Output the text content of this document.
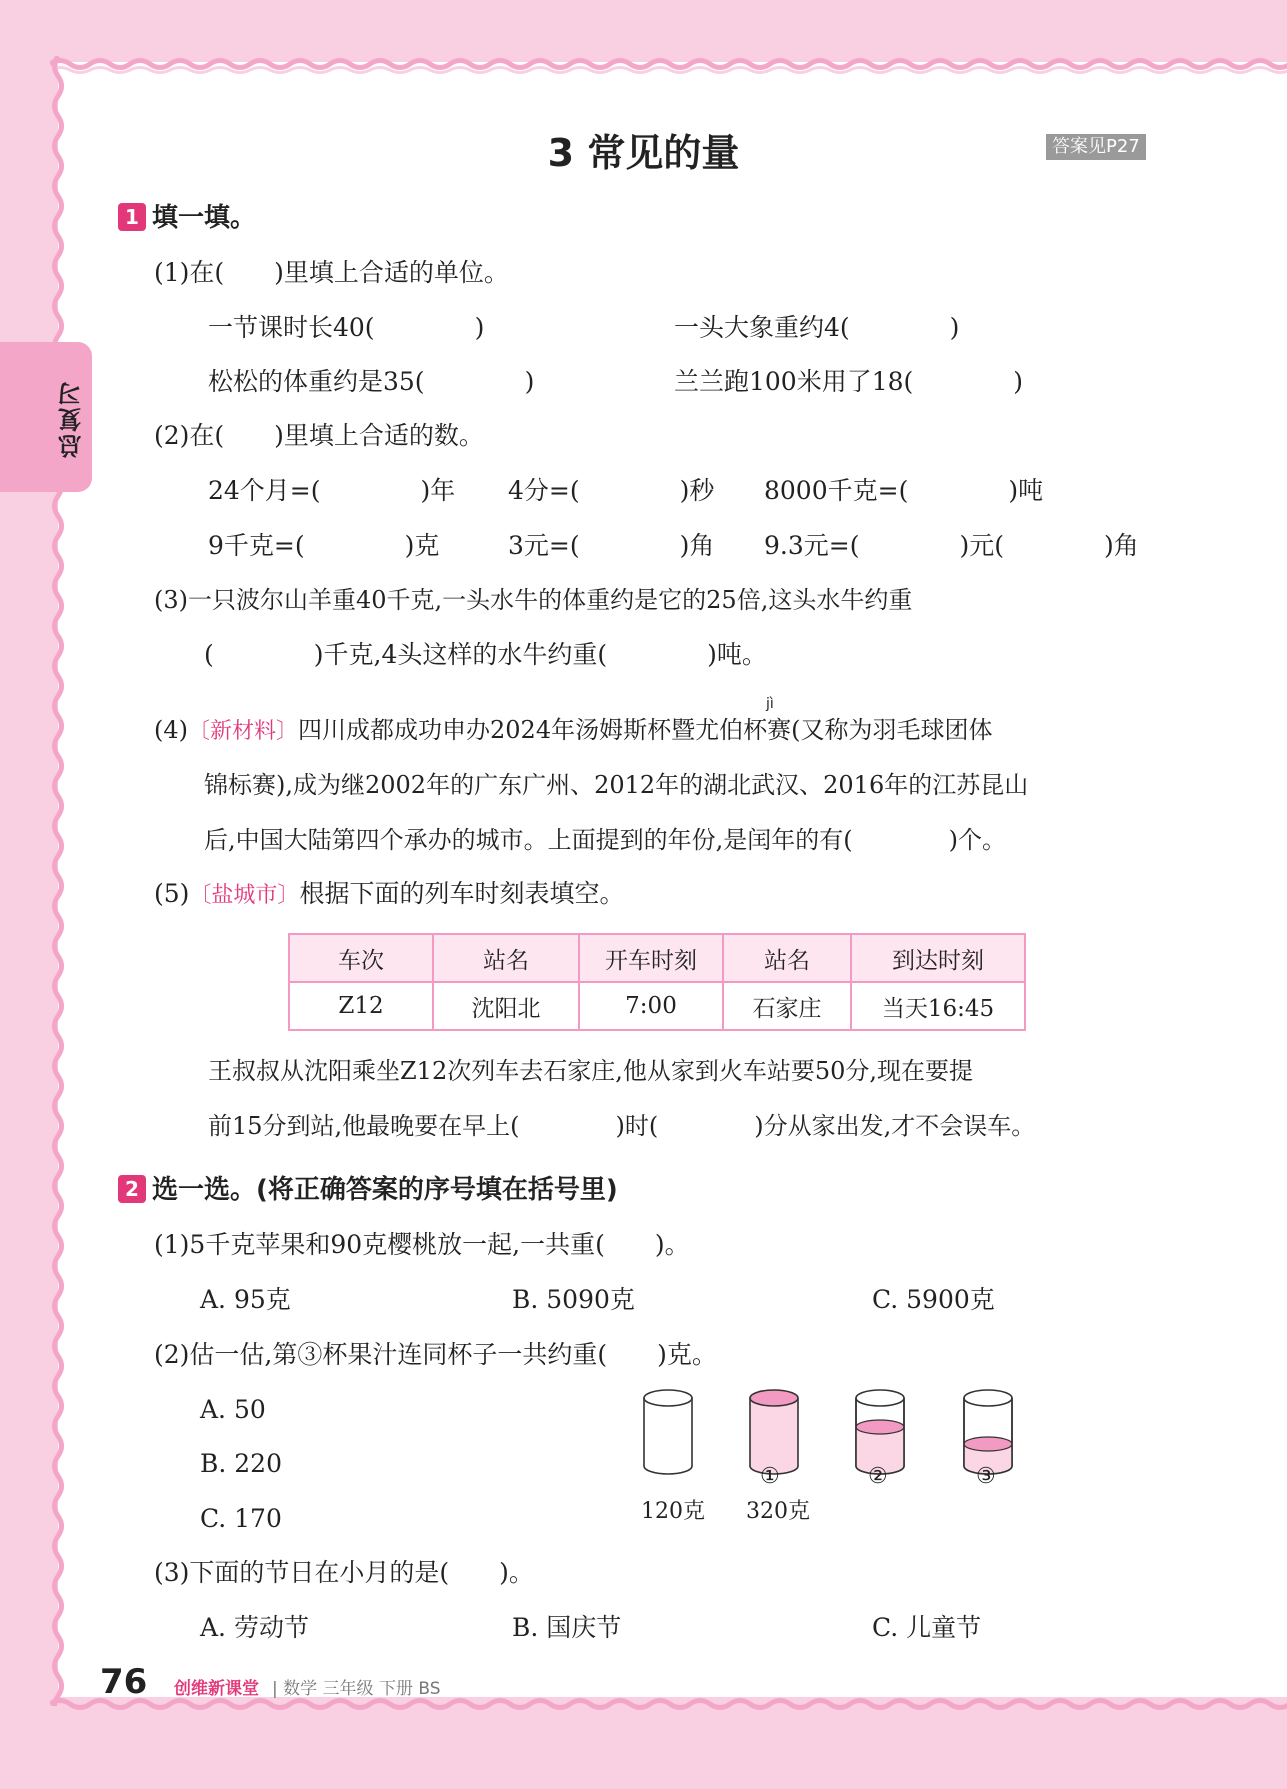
总复习
3 常见的量	答案见P27
1 填一填。
(1)在(　　)里填上合适的单位。
一节课时长40(　　　　)	一头大象重约4(　　　　)
松松的体重约是35(　　　　)	兰兰跑100米用了18(　　　　)
(2)在(　　)里填上合适的数。
24个月=(　　　　)年 4分=(　　　　)秒 8000千克=(　　　　)吨
9千克=(　　　　)克	3元=(　　　　)角 9.3元=(　　　　)元(　　　　)角
(3)一只波尔山羊重40千克,一头水牛的体重约是它的25倍,这头水牛约重
(　　　　)千克,4头这样的水牛约重(　　　　)吨。
jì
(4)〔新材料〕四川成都成功申办2024年汤姆斯杯暨尤伯杯赛(又称为羽毛球团体
锦标赛),成为继2002年的广东广州、2012年的湖北武汉、2016年的江苏昆山
后,中国大陆第四个承办的城市。上面提到的年份,是闰年的有(　　　　)个。
(5)〔盐城市〕根据下面的列车时刻表填空。
车次	站名	开车时刻	站名	到达时刻
Z12	沈阳北	7:00	石家庄	当天16:45
王叔叔从沈阳乘坐Z12次列车去石家庄,他从家到火车站要50分,现在要提
前15分到站,他最晚要在早上(　　　　)时(　　　　)分从家出发,才不会误车。
2 选一选。(将正确答案的序号填在括号里)
(1)5千克苹果和90克樱桃放一起,一共重(　　)。
A. 95克	B. 5090克	C. 5900克
(2)估一估,第③杯果汁连同杯子一共约重(　　)克。
A. 50
B. 220
C. 170
①	②	③
120克 320克
(3)下面的节日在小月的是(　　)。
A. 劳动节	B. 国庆节	C. 儿童节
76 创维新课堂 | 数学 三年级 下册 BS
